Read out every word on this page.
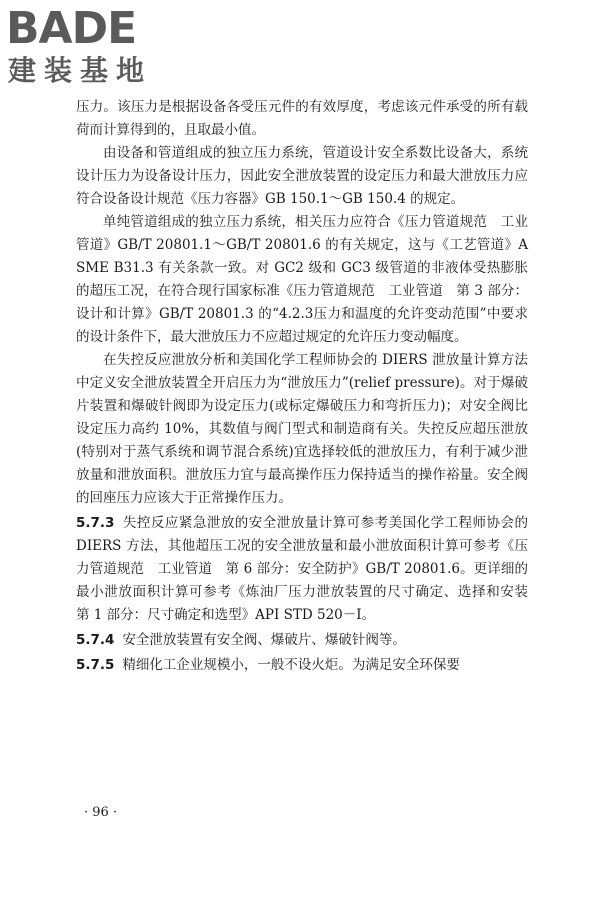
BADE
建装基地

压力。该压力是根据设备各受压元件的有效厚度，考虑该元件承受的所有载荷而计算得到的，且取最小值。

由设备和管道组成的独立压力系统，管道设计安全系数比设备大，系统设计压力为设备设计压力，因此安全泄放装置的设定压力和最大泄放压力应符合设备设计规范《压力容器》GB 150.1～GB 150.4 的规定。

单纯管道组成的独立压力系统，相关压力应符合《压力管道规范　工业管道》GB/T 20801.1～GB/T 20801.6 的有关规定，这与《工艺管道》ASME B31.3 有关条款一致。对 GC2 级和 GC3 级管道的非液体受热膨胀的超压工况，在符合现行国家标准《压力管道规范　工业管道　第 3 部分：设计和计算》GB/T 20801.3 的“4.2.3压力和温度的允许变动范围”中要求的设计条件下，最大泄放压力不应超过规定的允许压力变动幅度。

在失控反应泄放分析和美国化学工程师协会的 DIERS 泄放量计算方法中定义安全泄放装置全开启压力为“泄放压力”(relief pressure)。对于爆破片装置和爆破针阀即为设定压力(或标定爆破压力和弯折压力)；对安全阀比设定压力高约 10%，其数值与阀门型式和制造商有关。失控反应超压泄放(特别对于蒸气系统和调节混合系统)宜选择较低的泄放压力，有利于减少泄放量和泄放面积。泄放压力宜与最高操作压力保持适当的操作裕量。安全阀的回座压力应该大于正常操作压力。

5.7.3 失控反应紧急泄放的安全泄放量计算可参考美国化学工程师协会的 DIERS 方法，其他超压工况的安全泄放量和最小泄放面积计算可参考《压力管道规范　工业管道　第 6 部分：安全防护》GB/T 20801.6。更详细的最小泄放面积计算可参考《炼油厂压力泄放装置的尺寸确定、选择和安装　第 1 部分：尺寸确定和选型》API STD 520－Ⅰ。

5.7.4 安全泄放装置有安全阀、爆破片、爆破针阀等。

5.7.5 精细化工企业规模小，一般不设火炬。为满足安全环保要

· 96 ·
